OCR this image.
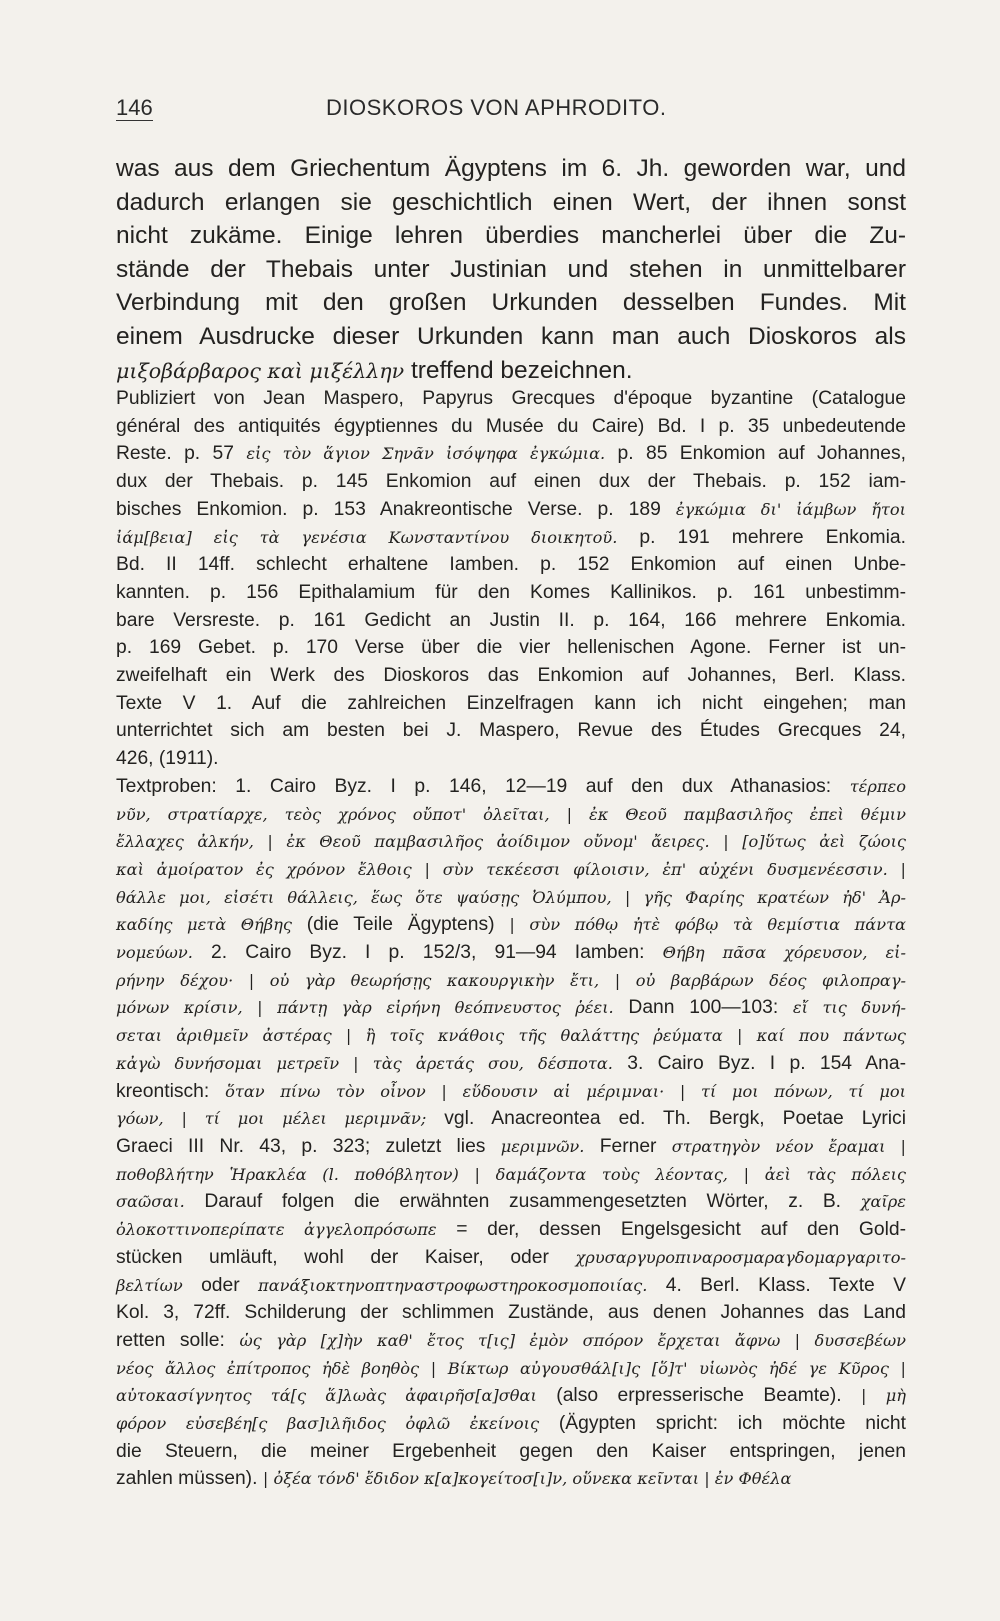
146	DIOSKOROS VON APHRODITO.
was aus dem Griechentum Ägyptens im 6. Jh. geworden war, und
dadurch erlangen sie geschichtlich einen Wert, der ihnen sonst
nicht zukäme. Einige lehren überdies mancherlei über die Zu-
stände der Thebais unter Justinian und stehen in unmittelbarer
Verbindung mit den großen Urkunden desselben Fundes. Mit
einem Ausdrucke dieser Urkunden kann man auch Dioskoros als
μιξοβάρβαρος καὶ μιξέλλην treffend bezeichnen.
Publiziert von Jean Maspero, Papyrus Grecques d'époque byzantine (Catalogue
général des antiquités égyptiennes du Musée du Caire) Bd. I p. 35 unbedeutende
Reste. p. 57 εἰς τὸν ἅγιον Σηνᾶν ἰσόψηφα ἐγκώμια. p. 85 Enkomion auf Johannes,
dux der Thebais. p. 145 Enkomion auf einen dux der Thebais. p. 152 iam-
bisches Enkomion. p. 153 Anakreontische Verse. p. 189 ἐγκώμια δι' ἰάμβων ἤτοι
ἰάμ[βεια] εἰς τὰ γενέσια Κωνσταντίνου διοικητοῦ. p. 191 mehrere Enkomia.
Bd. II 14ff. schlecht erhaltene Iamben. p. 152 Enkomion auf einen Unbe-
kannten. p. 156 Epithalamium für den Komes Kallinikos. p. 161 unbestimm-
bare Versreste. p. 161 Gedicht an Justin II. p. 164, 166 mehrere Enkomia.
p. 169 Gebet. p. 170 Verse über die vier hellenischen Agone. Ferner ist un-
zweifelhaft ein Werk des Dioskoros das Enkomion auf Johannes, Berl. Klass.
Texte V 1. Auf die zahlreichen Einzelfragen kann ich nicht eingehen; man
unterrichtet sich am besten bei J. Maspero, Revue des Études Grecques 24,
426, (1911).
Textproben: 1. Cairo Byz. I p. 146, 12—19 auf den dux Athanasios: τέρπεο
νῦν, στρατίαρχε, τεὸς χρόνος οὔποτ' ὀλεῖται, | ἐκ Θεοῦ παμβασιλῆος ἐπεὶ θέμιν
ἔλλαχες ἀλκήν, | ἐκ Θεοῦ παμβασιλῆος ἀοίδιμον οὔνομ' ἄειρες. | [ο]ὕτως ἀεὶ ζώοις
καὶ ἀμοίρατον ἐς χρόνον ἔλθοις | σὺν τεκέεσσι φίλοισιν, ἐπ' αὐχένι δυσμενέεσσιν. |
θάλλε μοι, εἰσέτι θάλλεις, ἕως ὅτε ψαύσῃς Ὀλύμπου, | γῆς Φαρίης κρατέων ἠδ' Ἀρ-
καδίης μετὰ Θήβης (die Teile Ägyptens) | σὺν πόθῳ ἠτὲ φόβῳ τὰ θεμίστια πάντα
νομεύων. 2. Cairo Byz. I p. 152/3, 91—94 Iamben: Θήβη πᾶσα χόρευσον, εἰ-
ρήνην δέχου· | οὐ γὰρ θεωρήσῃς κακουργικὴν ἔτι, | οὐ βαρβάρων δέος φιλοπραγ-
μόνων κρίσιν, | πάντῃ γὰρ εἰρήνη θεόπνευστος ῥέει. Dann 100—103: εἴ τις δυνή-
σεται ἀριθμεῖν ἀστέρας | ἢ τοῖς κνάθοις τῆς θαλάττης ῥεύματα | καί που πάντως
κἀγὼ δυνήσομαι μετρεῖν | τὰς ἀρετάς σου, δέσποτα. 3. Cairo Byz. I p. 154 Ana-
kreontisch: ὅταν πίνω τὸν οἶνον | εὕδουσιν αἱ μέριμναι· | τί μοι πόνων, τί μοι
γόων, | τί μοι μέλει μεριμνᾶν; vgl. Anacreontea ed. Th. Bergk, Poetae Lyrici
Graeci III Nr. 43, p. 323; zuletzt lies μεριμνῶν. Ferner στρατηγὸν νέον ἔραμαι |
ποθοβλήτην Ἡρακλέα (l. ποθόβλητον) | δαμάζοντα τοὺς λέοντας, | ἀεὶ τὰς πόλεις
σαῶσαι. Darauf folgen die erwähnten zusammengesetzten Wörter, z. B. χαῖρε
ὁλοκοττινοπερίπατε ἀγγελοπρόσωπε = der, dessen Engelsgesicht auf den Gold-
stücken umläuft, wohl der Kaiser, oder χρυσαργυροπιναροσμαραγδομαργαριτο-
βελτίων oder πανάξιοκτηνοπτηναστροφωστηροκοσμοποιίας. 4. Berl. Klass. Texte V
Kol. 3, 72ff. Schilderung der schlimmen Zustände, aus denen Johannes das Land
retten solle: ὡς γὰρ [χ]ὴν καθ' ἔτος τ[ις] ἐμὸν σπόρον ἔρχεται ἄφνω | δυσσεβέων
νέος ἄλλος ἐπίτροπος ἠδὲ βοηθὸς | Βίκτωρ αὐγουσθάλ[ι]ς [ὅ]τ' υἱωνὸς ἠδέ γε Κῦρος |
αὐτοκασίγνητος τά[ς ἅ]λωὰς ἀφαιρῆσ[α]σθαι (also erpresserische Beamte). | μὴ
φόρον εὐσεβέη[ς βασ]ιλῆιδος ὀφλῶ ἐκείνοις (Ägypten spricht: ich möchte nicht
die Steuern, die meiner Ergebenheit gegen den Kaiser entspringen, jenen
zahlen müssen). | ὀξέα τόνδ' ἔδιδον κ[α]κογείτοσ[ι]ν, οὕνεκα κεῖνται | ἐν Φθέλα
